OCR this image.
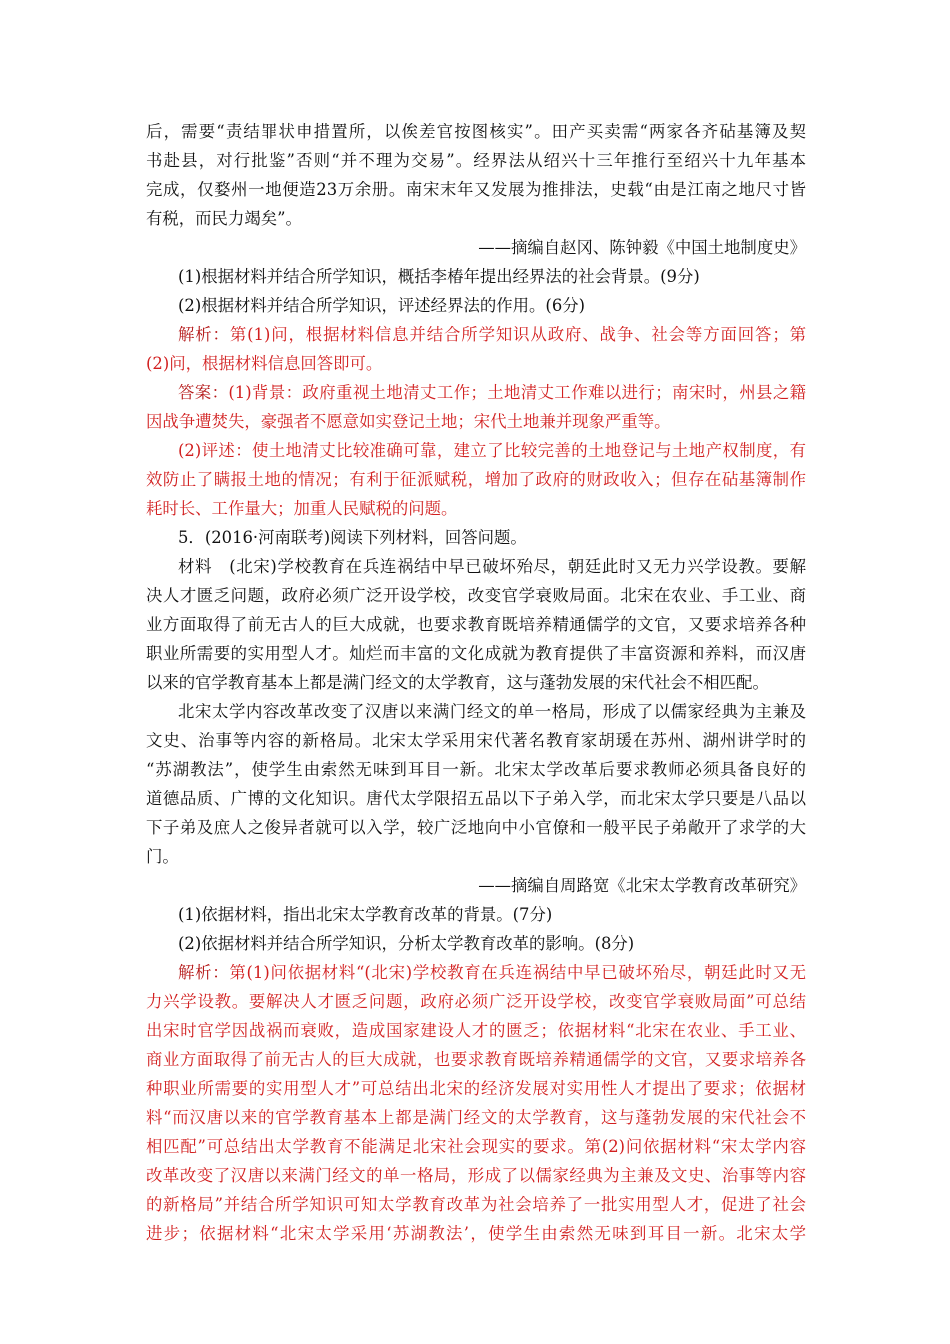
后，需要“责结罪状申措置所，以俟差官按图核实”。田产买卖需“两家各齐砧基簿及契
书赴县，对行批鉴”否则“并不理为交易”。经界法从绍兴十三年推行至绍兴十九年基本
完成，仅婺州一地便造23万余册。南宋末年又发展为推排法，史载“由是江南之地尺寸皆
有税，而民力竭矣”。
——摘编自赵冈、陈钟毅《中国土地制度史》
(1)根据材料并结合所学知识，概括李椿年提出经界法的社会背景。(9分)
(2)根据材料并结合所学知识，评述经界法的作用。(6分)
解析：第(1)问，根据材料信息并结合所学知识从政府、战争、社会等方面回答；第
(2)问，根据材料信息回答即可。
答案：(1)背景：政府重视土地清丈工作；土地清丈工作难以进行；南宋时，州县之籍
因战争遭焚失，豪强者不愿意如实登记土地；宋代土地兼并现象严重等。
(2)评述：使土地清丈比较准确可靠，建立了比较完善的土地登记与土地产权制度，有
效防止了瞒报土地的情况；有利于征派赋税，增加了政府的财政收入；但存在砧基簿制作
耗时长、工作量大；加重人民赋税的问题。
5．(2016·河南联考)阅读下列材料，回答问题。
材料　(北宋)学校教育在兵连祸结中早已破坏殆尽，朝廷此时又无力兴学设教。要解
决人才匮乏问题，政府必须广泛开设学校，改变官学衰败局面。北宋在农业、手工业、商
业方面取得了前无古人的巨大成就，也要求教育既培养精通儒学的文官，又要求培养各种
职业所需要的实用型人才。灿烂而丰富的文化成就为教育提供了丰富资源和养料，而汉唐
以来的官学教育基本上都是满门经文的太学教育，这与蓬勃发展的宋代社会不相匹配。
北宋太学内容改革改变了汉唐以来满门经文的单一格局，形成了以儒家经典为主兼及
文史、治事等内容的新格局。北宋太学采用宋代著名教育家胡瑗在苏州、湖州讲学时的
“苏湖教法”，使学生由索然无味到耳目一新。北宋太学改革后要求教师必须具备良好的
道德品质、广博的文化知识。唐代太学限招五品以下子弟入学，而北宋太学只要是八品以
下子弟及庶人之俊异者就可以入学，较广泛地向中小官僚和一般平民子弟敞开了求学的大
门。
——摘编自周路宽《北宋太学教育改革研究》
(1)依据材料，指出北宋太学教育改革的背景。(7分)
(2)依据材料并结合所学知识，分析太学教育改革的影响。(8分)
解析：第(1)问依据材料“(北宋)学校教育在兵连祸结中早已破坏殆尽，朝廷此时又无
力兴学设教。要解决人才匮乏问题，政府必须广泛开设学校，改变官学衰败局面”可总结
出宋时官学因战祸而衰败，造成国家建设人才的匮乏；依据材料“北宋在农业、手工业、
商业方面取得了前无古人的巨大成就，也要求教育既培养精通儒学的文官，又要求培养各
种职业所需要的实用型人才”可总结出北宋的经济发展对实用性人才提出了要求；依据材
料“而汉唐以来的官学教育基本上都是满门经文的太学教育，这与蓬勃发展的宋代社会不
相匹配”可总结出太学教育不能满足北宋社会现实的要求。第(2)问依据材料“宋太学内容
改革改变了汉唐以来满门经文的单一格局，形成了以儒家经典为主兼及文史、治事等内容
的新格局”并结合所学知识可知太学教育改革为社会培养了一批实用型人才，促进了社会
进步；依据材料“北宋太学采用‘苏湖教法’，使学生由索然无味到耳目一新。北宋太学
